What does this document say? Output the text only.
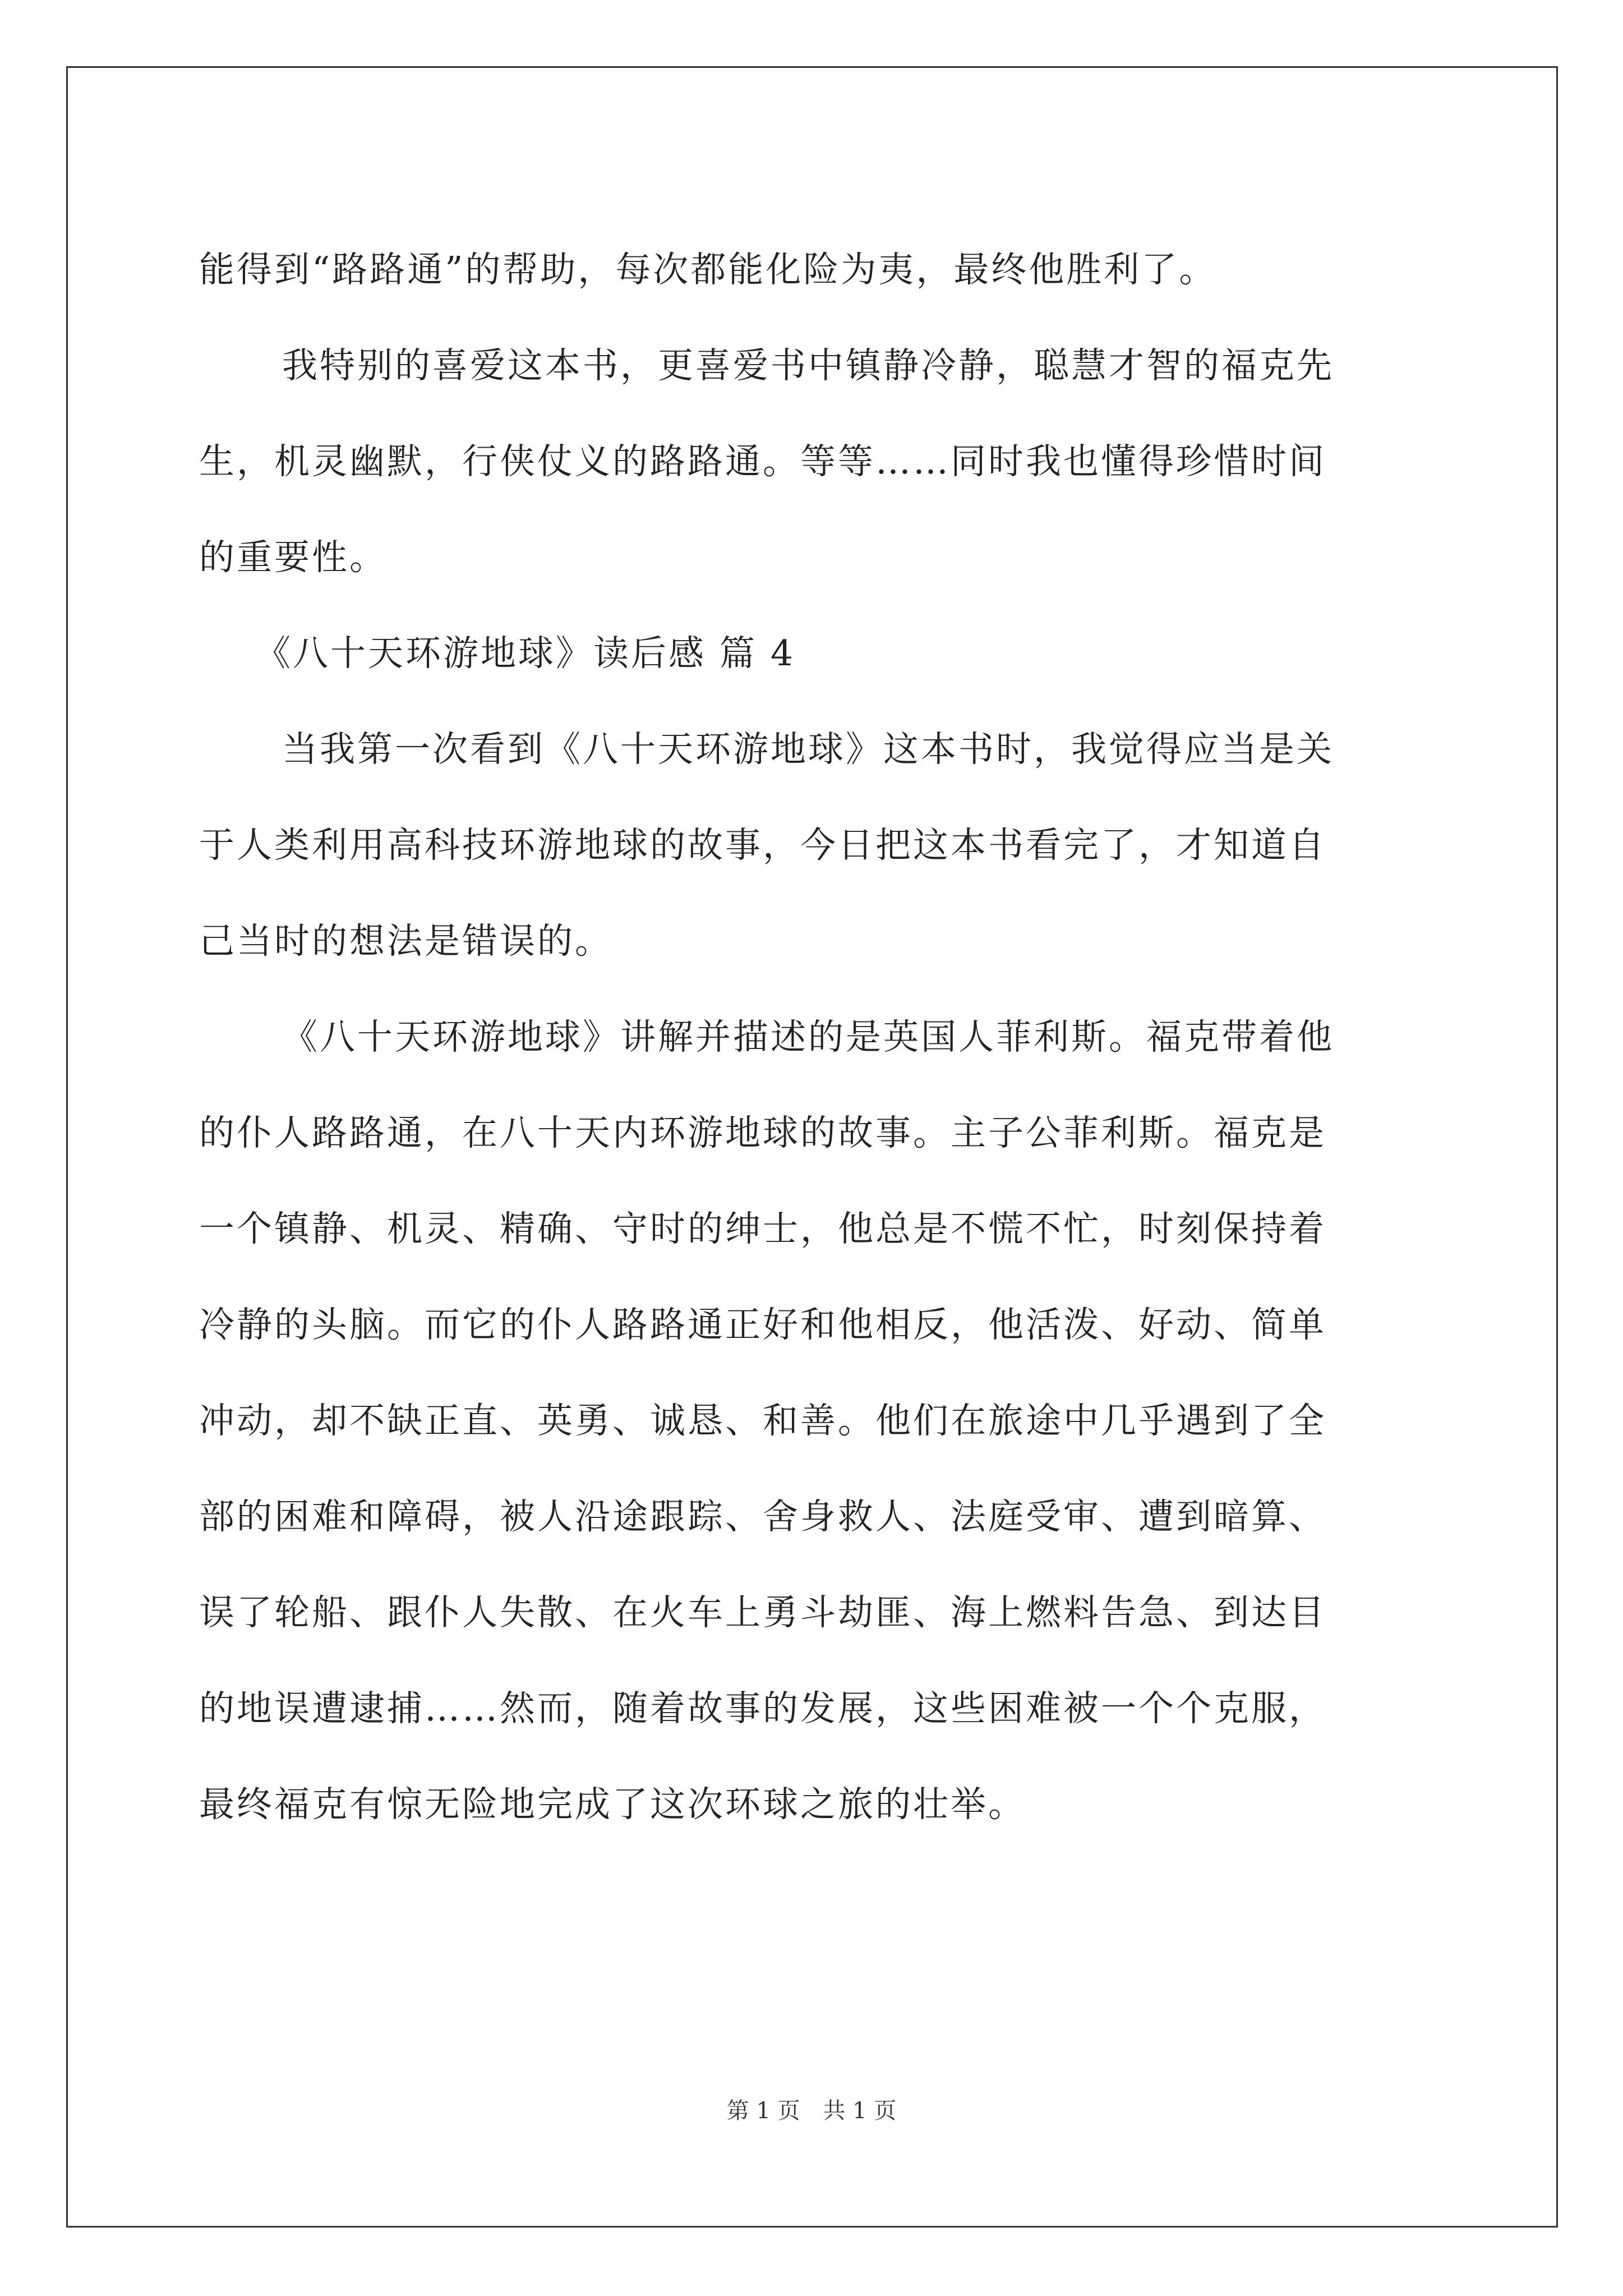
能得到“路路通”的帮助，每次都能化险为夷，最终他胜利了。

我特别的喜爱这本书，更喜爱书中镇静冷静，聪慧才智的福克先
生，机灵幽默，行侠仗义的路路通。等等……同时我也懂得珍惜时间
的重要性。

《八十天环游地球》读后感 篇 4

当我第一次看到《八十天环游地球》这本书时，我觉得应当是关
于人类利用高科技环游地球的故事，今日把这本书看完了，才知道自
己当时的想法是错误的。

《八十天环游地球》讲解并描述的是英国人菲利斯。福克带着他
的仆人路路通，在八十天内环游地球的故事。主子公菲利斯。福克是
一个镇静、机灵、精确、守时的绅士，他总是不慌不忙，时刻保持着
冷静的头脑。而它的仆人路路通正好和他相反，他活泼、好动、简单
冲动，却不缺正直、英勇、诚恳、和善。他们在旅途中几乎遇到了全
部的困难和障碍，被人沿途跟踪、舍身救人、法庭受审、遭到暗算、
误了轮船、跟仆人失散、在火车上勇斗劫匪、海上燃料告急、到达目
的地误遭逮捕……然而，随着故事的发展，这些困难被一个个克服，
最终福克有惊无险地完成了这次环球之旅的壮举。

第 1 页 共 1 页
